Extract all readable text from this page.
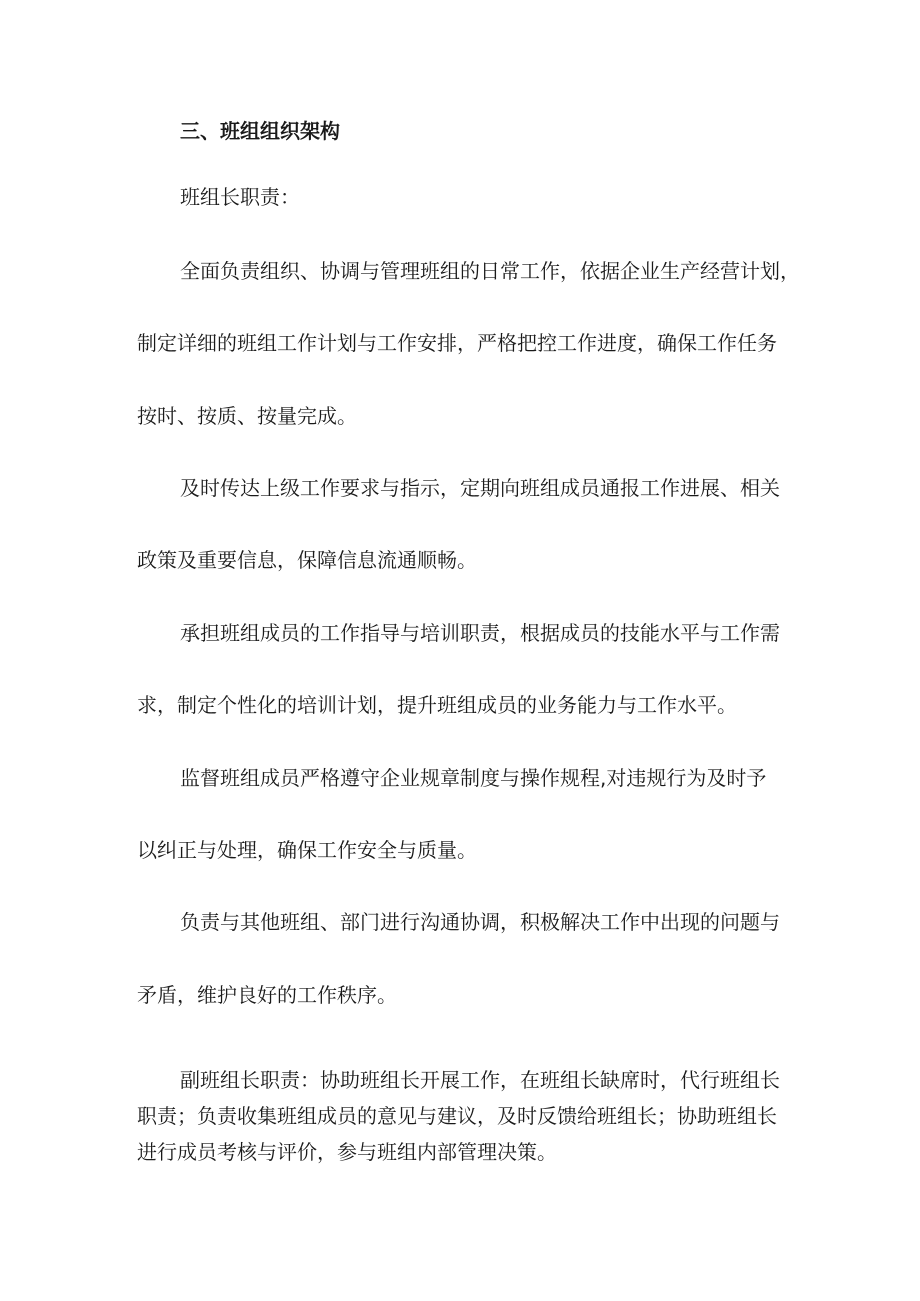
三、班组组织架构

班组长职责：

全面负责组织、协调与管理班组的日常工作，依据企业生产经营计划，

制定详细的班组工作计划与工作安排，严格把控工作进度，确保工作任务

按时、按质、按量完成。

及时传达上级工作要求与指示，定期向班组成员通报工作进展、相关

政策及重要信息，保障信息流通顺畅。

承担班组成员的工作指导与培训职责，根据成员的技能水平与工作需

求，制定个性化的培训计划，提升班组成员的业务能力与工作水平。

监督班组成员严格遵守企业规章制度与操作规程,对违规行为及时予

以纠正与处理，确保工作安全与质量。

负责与其他班组、部门进行沟通协调，积极解决工作中出现的问题与

矛盾，维护良好的工作秩序。

副班组长职责：协助班组长开展工作，在班组长缺席时，代行班组长

职责；负责收集班组成员的意见与建议，及时反馈给班组长；协助班组长

进行成员考核与评价，参与班组内部管理决策。
